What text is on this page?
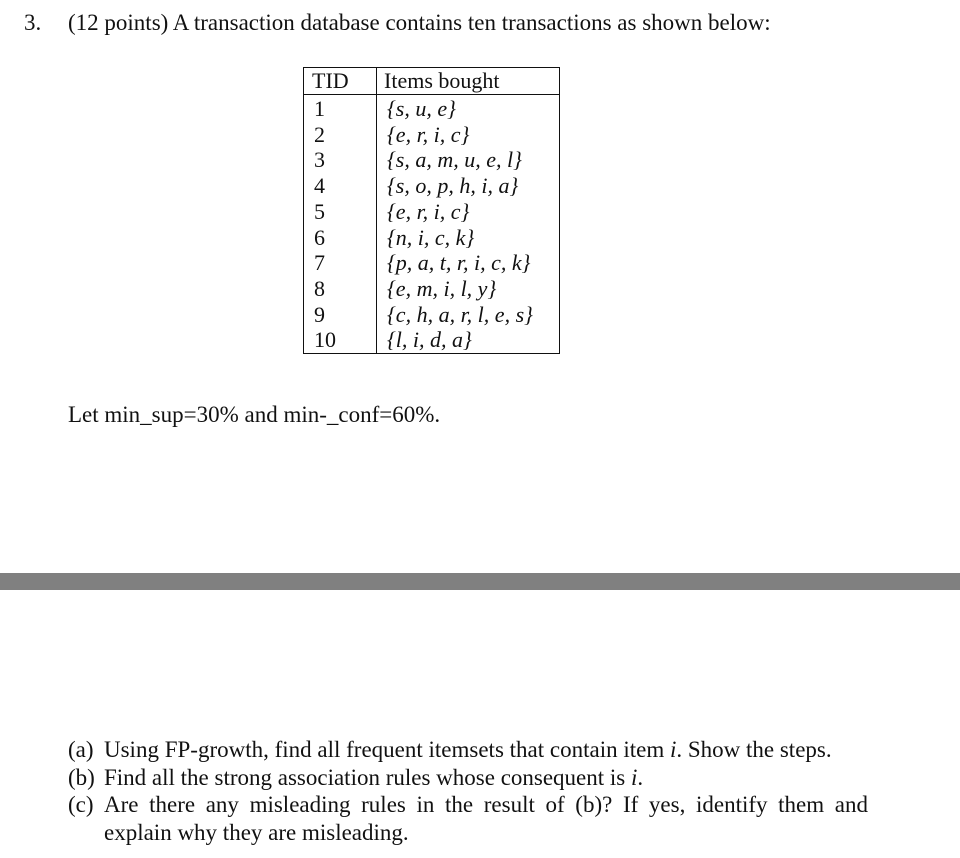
3. (12 points) A transaction database contains ten transactions as shown below:
TID	Items bought
1	{s, u, e}
2	{e, r, i, c}
3	{s, a, m, u, e, l}
4	{s, o, p, h, i, a}
5	{e, r, i, c}
6	{n, i, c, k}
7	{p, a, t, r, i, c, k}
8	{e, m, i, l, y}
9	{c, h, a, r, l, e, s}
10	{l, i, d, a}
Let min_sup=30% and min-_conf=60%.
(a) Using FP-growth, find all frequent itemsets that contain item i. Show the steps.
(b) Find all the strong association rules whose consequent is i.
(c) Are there any misleading rules in the result of (b)? If yes, identify them and explain why they are misleading.
